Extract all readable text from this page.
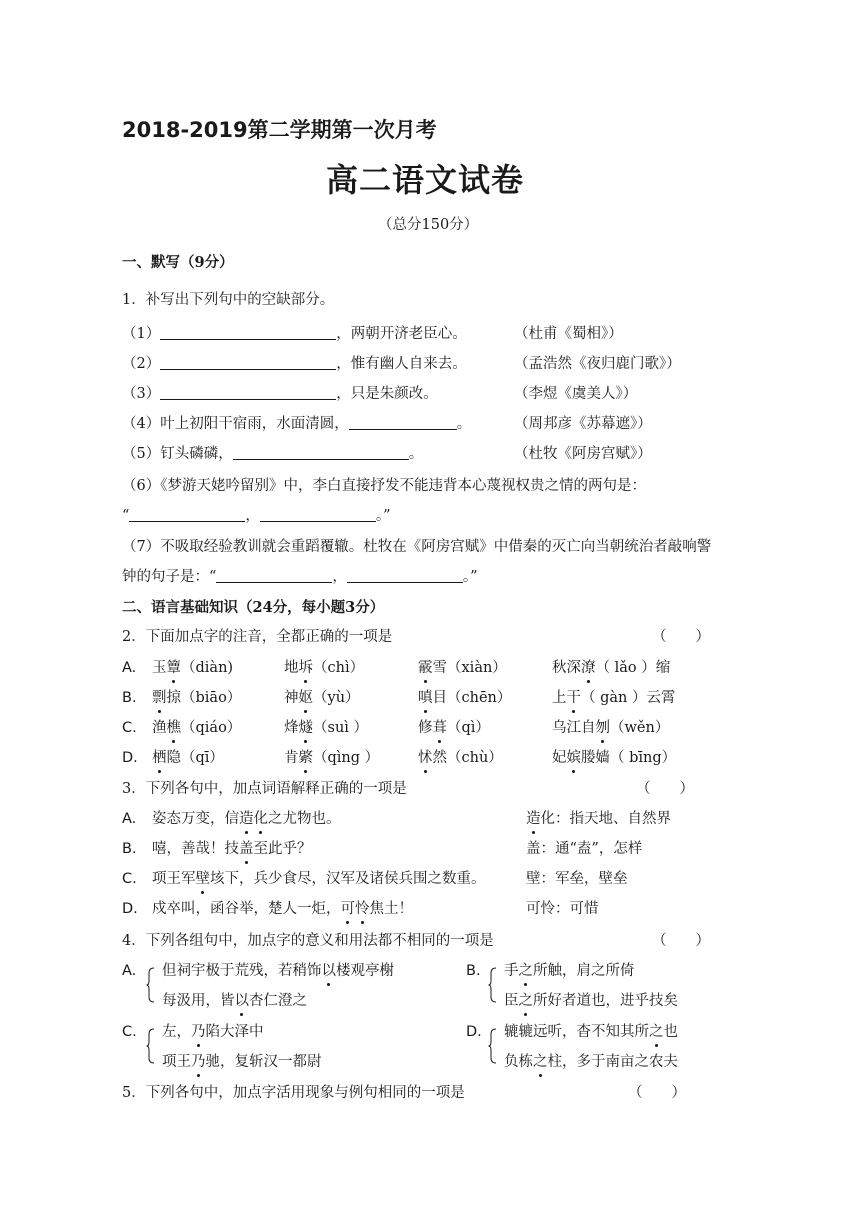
2018-2019第二学期第一次月考
高二语文试卷
（总分150分）
一、默写（9分）
1．补写出下列句中的空缺部分。
（1）	，两朝开济老臣心。	（杜甫《蜀相》）
（2）	，惟有幽人自来去。	（孟浩然《夜归鹿门歌》）
（3）	，只是朱颜改。	（李煜《虞美人》）
（4）叶上初阳干宿雨，水面清圆，	。	（周邦彦《苏幕遮》）
（5）钉头磷磷，	。	（杜牧《阿房宫赋》）
（6）《梦游天姥吟留别》中，李白直接抒发不能违背本心蔑视权贵之情的两句是：
“	，	。”
（7）不吸取经验教训就会重蹈覆辙。杜牧在《阿房宫赋》中借秦的灭亡向当朝统治者敲响警
钟的句子是：“	，	。”
二、语言基础知识（24分，每小题3分）
2．下面加点字的注音，全都正确的一项是	（　　）
3．下列各句中，加点词语解释正确的一项是	（　　）
4．下列各组句中，加点字的意义和用法都不相同的一项是	（　　）
5．下列各句中，加点字活用现象与例句相同的一项是	（　　）
A. 玉簟（diàn)	地坼（chì）	霰雪（xiàn）	秋深潦（ lǎo ）缩
B. 剽掠（biāo）	神妪（yù）	嗔目（chēn）	上干（ gàn ）云霄
C. 渔樵（qiáo）	烽燧（suì ）	修葺（qì）	乌江自刎（wěn）
D. 栖隐（qī）	肯綮（qìng ）	怵然（chù）	妃嫔媵嫱（ bīng）
A. 姿态万变，信造化之尤物也。	造化：指天地、自然界
B. 嘻，善哉！技盖至此乎？	盖：通“盍”，怎样
C. 项王军壁垓下，兵少食尽，汉军及诸侯兵围之数重。	壁：军垒，壁垒
D. 戍卒叫，函谷举，楚人一炬，可怜焦土！	可怜：可惜
A. 但祠宇极于荒残，若稍饰以楼观亭榭
每汲用，皆以杏仁澄之
B. 手之所触，肩之所倚
臣之所好者道也，进乎技矣
C. 左，乃陷大泽中
项王乃驰，复斩汉一都尉
D. 辘辘远听，杳不知其所之也
负栋之柱，多于南亩之农夫
